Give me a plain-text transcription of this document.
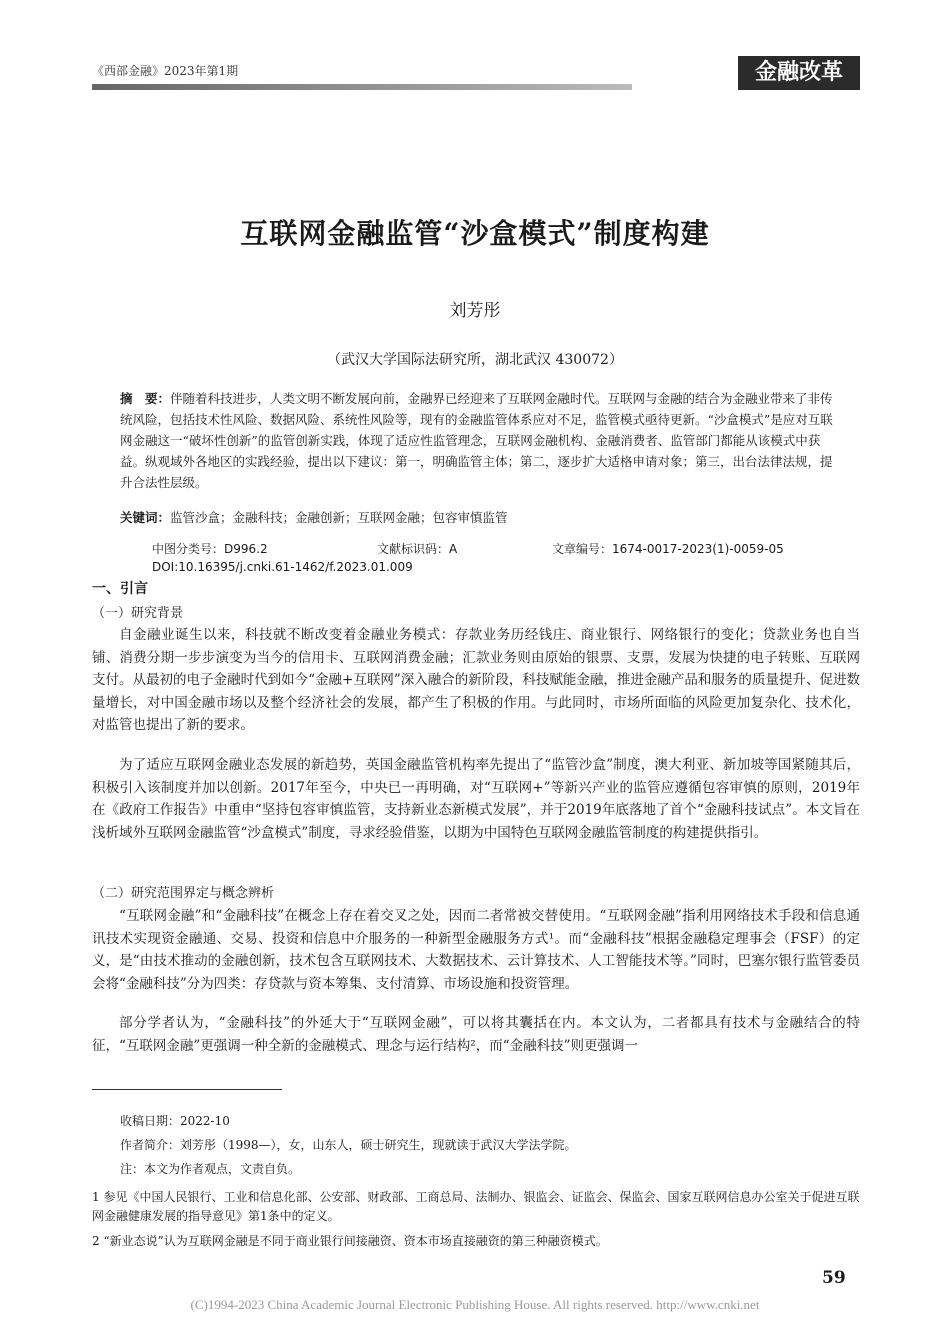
《西部金融》2023年第1期	金融改革
互联网金融监管“沙盒模式”制度构建
刘芳彤
（武汉大学国际法研究所，湖北武汉 430072）
摘　要：伴随着科技进步，人类文明不断发展向前，金融界已经迎来了互联网金融时代。互联网与金融的结合为金融业带来了非传统风险，包括技术性风险、数据风险、系统性风险等，现有的金融监管体系应对不足，监管模式亟待更新。“沙盒模式”是应对互联网金融这一“破坏性创新”的监管创新实践，体现了适应性监管理念，互联网金融机构、金融消费者、监管部门都能从该模式中获益。纵观域外各地区的实践经验，提出以下建议：第一，明确监管主体；第二，逐步扩大适格申请对象；第三，出台法律法规，提升合法性层级。
关键词：监管沙盒；金融科技；金融创新；互联网金融；包容审慎监管
中图分类号：D996.2	文献标识码：A	文章编号：1674-0017-2023(1)-0059-05
DOI:10.16395/j.cnki.61-1462/f.2023.01.009
一、引言
（一）研究背景
自金融业诞生以来，科技就不断改变着金融业务模式：存款业务历经钱庄、商业银行、网络银行的变化；贷款业务也自当铺、消费分期一步步演变为当今的信用卡、互联网消费金融；汇款业务则由原始的银票、支票，发展为快捷的电子转账、互联网支付。从最初的电子金融时代到如今“金融+互联网”深入融合的新阶段，科技赋能金融，推进金融产品和服务的质量提升、促进数量增长，对中国金融市场以及整个经济社会的发展，都产生了积极的作用。与此同时，市场所面临的风险更加复杂化、技术化，对监管也提出了新的要求。
为了适应互联网金融业态发展的新趋势，英国金融监管机构率先提出了“监管沙盒”制度，澳大利亚、新加坡等国紧随其后，积极引入该制度并加以创新。2017年至今，中央已一再明确，对“互联网+”等新兴产业的监管应遵循包容审慎的原则，2019年在《政府工作报告》中重申“坚持包容审慎监管，支持新业态新模式发展”，并于2019年底落地了首个“金融科技试点”。本文旨在浅析域外互联网金融监管“沙盒模式”制度，寻求经验借鉴，以期为中国特色互联网金融监管制度的构建提供指引。
（二）研究范围界定与概念辨析
“互联网金融”和“金融科技”在概念上存在着交叉之处，因而二者常被交替使用。“互联网金融”指利用网络技术手段和信息通讯技术实现资金融通、交易、投资和信息中介服务的一种新型金融服务方式¹。而“金融科技”根据金融稳定理事会（FSF）的定义，是“由技术推动的金融创新，技术包含互联网技术、大数据技术、云计算技术、人工智能技术等。”同时，巴塞尔银行监管委员会将“金融科技”分为四类：存贷款与资本筹集、支付清算、市场设施和投资管理。
部分学者认为，“金融科技”的外延大于“互联网金融”，可以将其囊括在内。本文认为，二者都具有技术与金融结合的特征，“互联网金融”更强调一种全新的金融模式、理念与运行结构²，而“金融科技”则更强调一
收稿日期：2022-10
作者简介：刘芳彤（1998—），女，山东人，硕士研究生，现就读于武汉大学法学院。
注：本文为作者观点，文责自负。
1 参见《中国人民银行、工业和信息化部、公安部、财政部、工商总局、法制办、银监会、证监会、保监会、国家互联网信息办公室关于促进互联网金融健康发展的指导意见》第1条中的定义。
2 “新业态说”认为互联网金融是不同于商业银行间接融资、资本市场直接融资的第三种融资模式。
59
(C)1994-2023 China Academic Journal Electronic Publishing House. All rights reserved. http://www.cnki.net
